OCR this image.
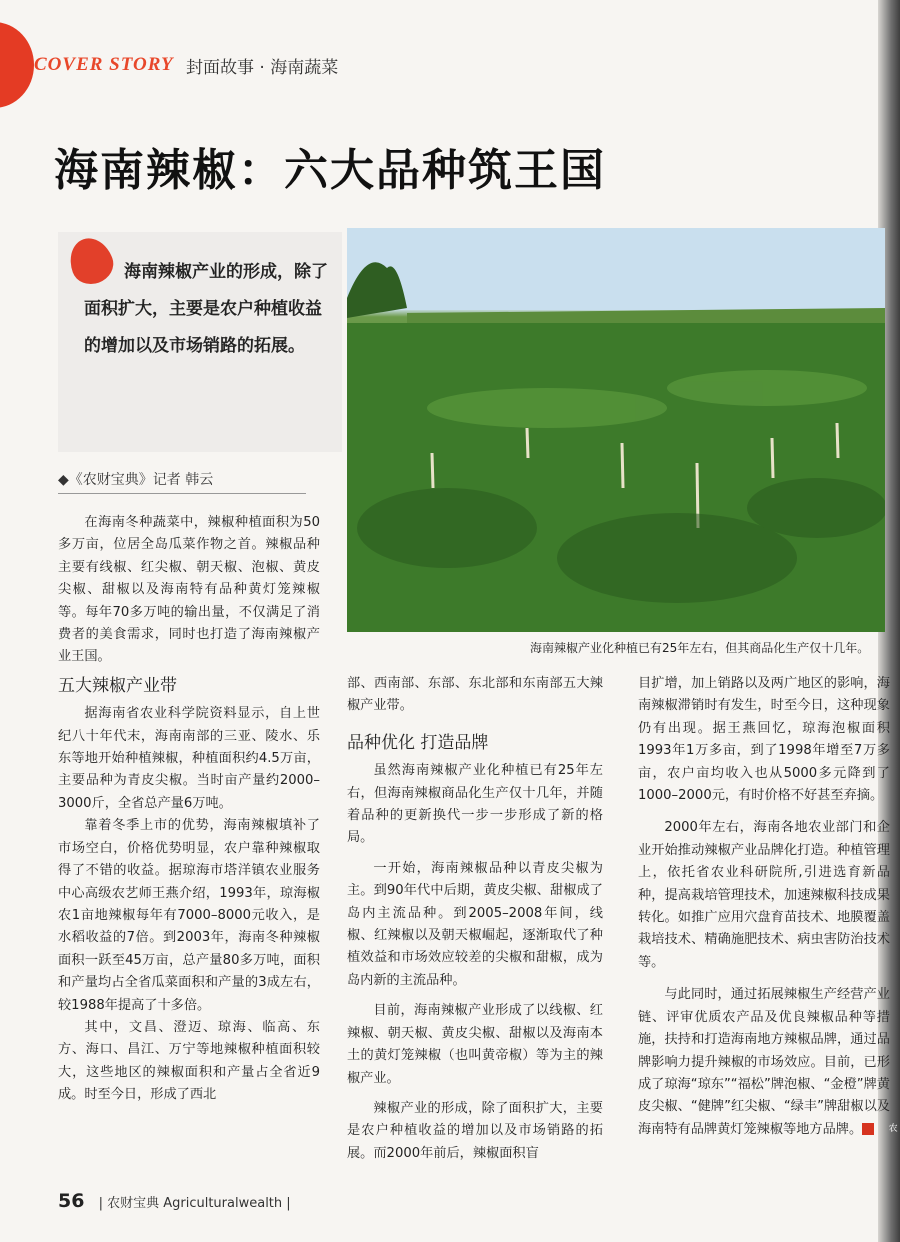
COVER STORY 封面故事 · 海南蔬菜
海南辣椒：六大品种筑王国
海南辣椒产业的形成，除了面积扩大，主要是农户种植收益的增加以及市场销路的拓展。
◆《农财宝典》记者 韩云
海南辣椒产业化种植已有25年左右，但其商品化生产仅十几年。

在海南冬种蔬菜中，辣椒种植面积为50多万亩，位居全岛瓜菜作物之首。辣椒品种主要有线椒、红尖椒、朝天椒、泡椒、黄皮尖椒、甜椒以及海南特有品种黄灯笼辣椒等。每年70多万吨的输出量，不仅满足了消费者的美食需求，同时也打造了海南辣椒产业王国。

五大辣椒产业带

据海南省农业科学院资料显示，自上世纪八十年代末，海南南部的三亚、陵水、乐东等地开始种植辣椒，种植面积约4.5万亩，主要品种为青皮尖椒。当时亩产量约2000–3000斤，全省总产量6万吨。

靠着冬季上市的优势，海南辣椒填补了市场空白，价格优势明显，农户靠种辣椒取得了不错的收益。据琼海市塔洋镇农业服务中心高级农艺师王燕介绍，1993年，琼海椒农1亩地辣椒每年有7000–8000元收入，是水稻收益的7倍。到2003年，海南冬种辣椒面积一跃至45万亩，总产量80多万吨，面积和产量均占全省瓜菜面积和产量的3成左右，较1988年提高了十多倍。

其中，文昌、澄迈、琼海、临高、东方、海口、昌江、万宁等地辣椒种植面积较大，这些地区的辣椒面积和产量占全省近9成。时至今日，形成了西北

部、西南部、东部、东北部和东南部五大辣椒产业带。

品种优化 打造品牌

虽然海南辣椒产业化种植已有25年左右，但海南辣椒商品化生产仅十几年，并随着品种的更新换代一步一步形成了新的格局。

一开始，海南辣椒品种以青皮尖椒为主。到90年代中后期，黄皮尖椒、甜椒成了岛内主流品种。到2005–2008年间，线椒、红辣椒以及朝天椒崛起，逐渐取代了种植效益和市场效应较差的尖椒和甜椒，成为岛内新的主流品种。

目前，海南辣椒产业形成了以线椒、红辣椒、朝天椒、黄皮尖椒、甜椒以及海南本土的黄灯笼辣椒（也叫黄帝椒）等为主的辣椒产业。

辣椒产业的形成，除了面积扩大，主要是农户种植收益的增加以及市场销路的拓展。而2000年前后，辣椒面积盲

目扩增，加上销路以及两广地区的影响，海南辣椒滞销时有发生，时至今日，这种现象仍有出现。据王燕回忆，琼海泡椒面积1993年1万多亩，到了1998年增至7万多亩，农户亩均收入也从5000多元降到了1000–2000元，有时价格不好甚至弃摘。

2000年左右，海南各地农业部门和企业开始推动辣椒产业品牌化打造。种植管理上，依托省农业科研院所,引进选育新品种，提高栽培管理技术，加速辣椒科技成果转化。如推广应用穴盘育苗技术、地膜覆盖栽培技术、精确施肥技术、病虫害防治技术等。

与此同时，通过拓展辣椒生产经营产业链、评审优质农产品及优良辣椒品种等措施，扶持和打造海南地方辣椒品牌，通过品牌影响力提升辣椒的市场效应。目前，已形成了琼海“琼东”“福松”牌泡椒、“金橙”牌黄皮尖椒、“健牌”红尖椒、“绿丰”牌甜椒以及海南特有品牌黄灯笼辣椒等地方品牌。	农

56 | 农财宝典 Agriculturalwealth |
